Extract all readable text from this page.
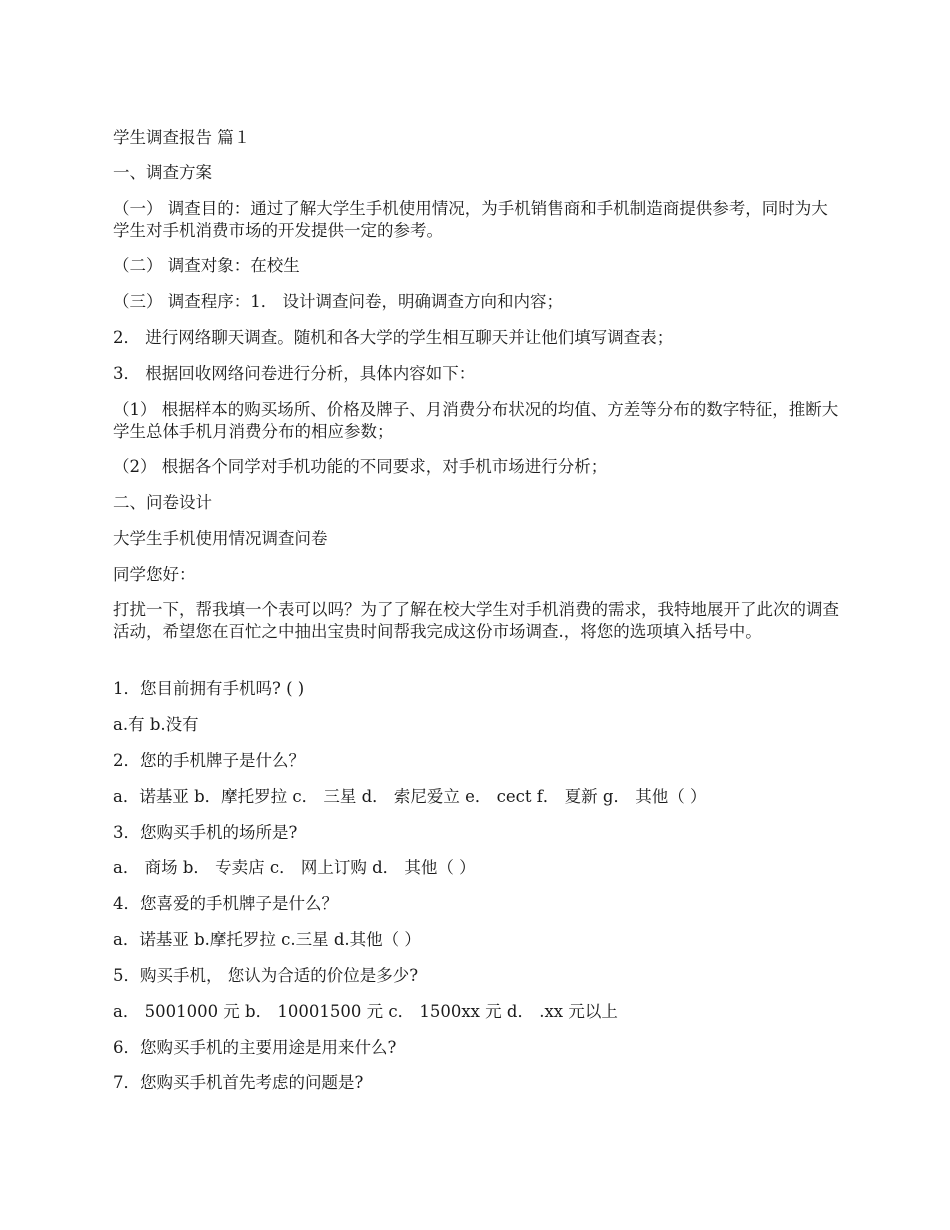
学生调查报告 篇１

一、调查方案

（一） 调查目的：通过了解大学生手机使用情况，为手机销售商和手机制造商提供参考，同时为大学生对手机消费市场的开发提供一定的参考。

（二） 调查对象：在校生

（三） 调查程序：1． 设计调查问卷，明确调查方向和内容；

2． 进行网络聊天调查。随机和各大学的学生相互聊天并让他们填写调查表；

3． 根据回收网络问卷进行分析，具体内容如下：

（1） 根据样本的购买场所、价格及牌子、月消费分布状况的均值、方差等分布的数字特征，推断大学生总体手机月消费分布的相应参数；

（2） 根据各个同学对手机功能的不同要求，对手机市场进行分析；

二、问卷设计

大学生手机使用情况调查问卷

同学您好：

打扰一下，帮我填一个表可以吗？为了了解在校大学生对手机消费的需求，我特地展开了此次的调查活动，希望您在百忙之中抽出宝贵时间帮我完成这份市场调查.，将您的选项填入括号中。

1．您目前拥有手机吗? ( )

a.有 b.没有

2．您的手机牌子是什么？

a．诺基亚 b．摩托罗拉 c． 三星 d． 索尼爱立 e． cect f． 夏新 g． 其他（ ）

3．您购买手机的场所是?

a． 商场 b． 专卖店 c． 网上订购 d． 其他（ ）

4．您喜爱的手机牌子是什么？

a．诺基亚 b.摩托罗拉 c.三星 d.其他（ ）

5．购买手机， 您认为合适的价位是多少?

a． 5001000 元 b． 10001500 元 c． 1500xx 元 d． .xx 元以上

6．您购买手机的主要用途是用来什么?

7．您购买手机首先考虑的问题是?
